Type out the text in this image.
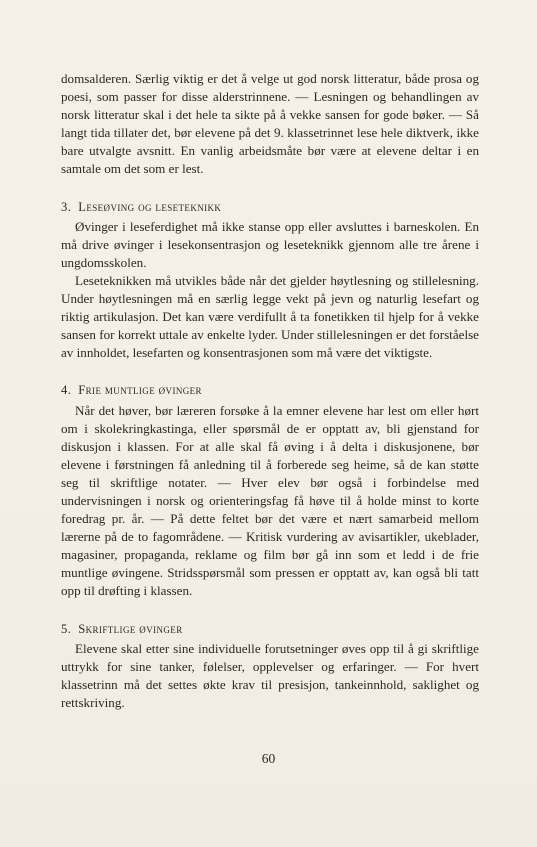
domsalderen. Særlig viktig er det å velge ut god norsk litteratur, både prosa og poesi, som passer for disse alderstrinnene. — Lesningen og behandlingen av norsk litteratur skal i det hele ta sikte på å vekke sansen for gode bøker. — Så langt tida tillater det, bør elevene på det 9. klassetrinnet lese hele diktverk, ikke bare utvalgte avsnitt. En vanlig arbeidsmåte bør være at elevene deltar i en samtale om det som er lest.

3. Leseøving og leseteknikk

Øvinger i leseferdighet må ikke stanse opp eller avsluttes i barneskolen. En må drive øvinger i lesekonsentrasjon og leseteknikk gjennom alle tre årene i ungdomsskolen.

Leseteknikken må utvikles både når det gjelder høytlesning og stillelesning. Under høytlesningen må en særlig legge vekt på jevn og naturlig lesefart og riktig artikulasjon. Det kan være verdifullt å ta fonetikken til hjelp for å vekke sansen for korrekt uttale av enkelte lyder. Under stillelesningen er det forståelse av innholdet, lesefarten og konsentrasjonen som må være det viktigste.

4. Frie muntlige øvinger

Når det høver, bør læreren forsøke å la emner elevene har lest om eller hørt om i skolekringkastinga, eller spørsmål de er opptatt av, bli gjenstand for diskusjon i klassen. For at alle skal få øving i å delta i diskusjonene, bør elevene i førstningen få anledning til å forberede seg heime, så de kan støtte seg til skriftlige notater. — Hver elev bør også i forbindelse med undervisningen i norsk og orienteringsfag få høve til å holde minst to korte foredrag pr. år. — På dette feltet bør det være et nært samarbeid mellom lærerne på de to fagområdene. — Kritisk vurdering av avisartikler, ukeblader, magasiner, propaganda, reklame og film bør gå inn som et ledd i de frie muntlige øvingene. Stridsspørsmål som pressen er opptatt av, kan også bli tatt opp til drøfting i klassen.

5. Skriftlige øvinger

Elevene skal etter sine individuelle forutsetninger øves opp til å gi skriftlige uttrykk for sine tanker, følelser, opplevelser og erfaringer. — For hvert klassetrinn må det settes økte krav til presisjon, tankeinnhold, saklighet og rettskriving.

60
